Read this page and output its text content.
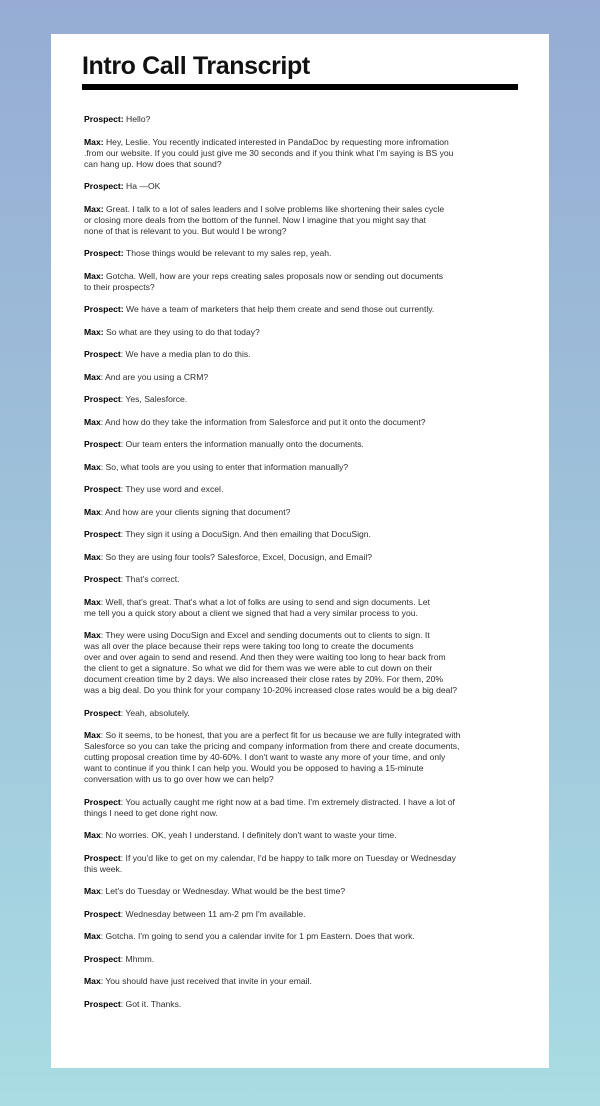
Intro Call Transcript

Prospect: Hello?

Max: Hey, Leslie. You recently indicated interested in PandaDoc by requesting more infromation
.from our website. If you could just give me 30 seconds and if you think what I'm saying is BS you
can hang up. How does that sound?

Prospect: Ha —OK

Max: Great. I talk to a lot of sales leaders and I solve problems like shortening their sales cycle
or closing more deals from the bottom of the funnel. Now I imagine that you might say that
none of that is relevant to you. But would I be wrong?

Prospect: Those things would be relevant to my sales rep, yeah.

Max: Gotcha. Well, how are your reps creating sales proposals now or sending out documents
to their prospects?

Prospect: We have a team of marketers that help them create and send those out currently.

Max: So what are they using to do that today?

Prospect: We have a media plan to do this.

Max: And are you using a CRM?

Prospect: Yes, Salesforce.

Max: And how do they take the information from Salesforce and put it onto the document?

Prospect: Our team enters the information manually onto the documents.

Max: So, what tools are you using to enter that information manually?

Prospect: They use word and excel.

Max: And how are your clients signing that document?

Prospect: They sign it using a DocuSign. And then emailing that DocuSign.

Max: So they are using four tools? Salesforce, Excel, Docusign, and Email?

Prospect: That's correct.

Max: Well, that's great. That's what a lot of folks are using to send and sign documents. Let
me tell you a quick story about a client we signed that had a very similar process to you.

Max: They were using DocuSign and Excel and sending documents out to clients to sign. It
was all over the place because their reps were taking too long to create the documents
over and over again to send and resend. And then they were waiting too long to hear back from
the client to get a signature. So what we did for them was we were able to cut down on their
document creation time by 2 days. We also increased their close rates by 20%. For them, 20%
was a big deal. Do you think for your company 10-20% increased close rates would be a big deal?

Prospect: Yeah, absolutely.

Max: So it seems, to be honest, that you are a perfect fit for us because we are fully integrated with
Salesforce so you can take the pricing and company information from there and create documents,
cutting proposal creation time by 40-60%. I don't want to waste any more of your time, and only
want to continue if you think I can help you. Would you be opposed to having a 15-minute
conversation with us to go over how we can help?

Prospect: You actually caught me right now at a bad time. I'm extremely distracted. I have a lot of
things I need to get done right now.

Max: No worries. OK, yeah I understand. I definitely don't want to waste your time.

Prospect: If you'd like to get on my calendar, I'd be happy to talk more on Tuesday or Wednesday
this week.

Max: Let's do Tuesday or Wednesday. What would be the best time?

Prospect: Wednesday between 11 am-2 pm I'm available.

Max: Gotcha. I'm going to send you a calendar invite for 1 pm Eastern. Does that work.

Prospect: Mhmm.

Max: You should have just received that invite in your email.

Prospect: Got it. Thanks.
